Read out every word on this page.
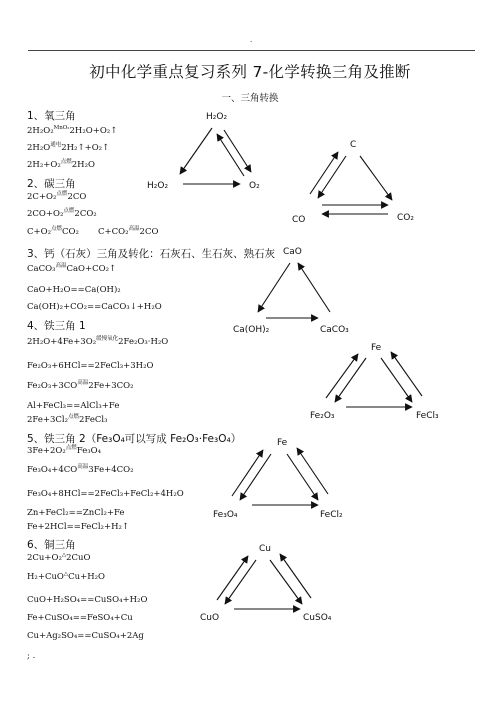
·
初中化学重点复习系列 7-化学转换三角及推断
一、三角转换
1、氧三角
2H₂O₂$^{MnO_2}$2H₂O+O₂↑
$2H_2O^{通电}2H_2↑+O_2↑$
2H₂+O₂$^{点燃}$2H₂O
2、碳三角
2C+O₂$^{点燃}$2CO
2CO+O₂$^{点燃}$2CO₂
C+O₂$^{点燃}$CO₂ C+CO₂$^{高温}$2CO
3、钙（石灰）三角及转化：石灰石、生石灰、熟石灰
CaCO₃$^{高温}$CaO+CO₂↑
CaO+H₂O==Ca(OH)₂
Ca(OH)₂+CO₂==CaCO₃↓+H₂O
4、铁三角 1
2H₂O+4Fe+3O₂$^{缓慢氧化}$2Fe₂O₃·H₂O
Fe₂O₃+6HCl==2FeCl₃+3H₂O
$Fe_2O_3+3CO^{高温}2Fe+3CO_2$
Al+FeCl₃==AlCl₃+Fe
2Fe+3Cl₂$^{点燃}$2FeCl₃
5、铁三角 2（Fe₃O₄可以写成 Fe₂O₃·Fe₃O₄）
3Fe+2O₂$^{点燃}$Fe₃O₄
$Fe_3O_4+4CO^{高温}3Fe+4CO_2$
Fe₃O₄+8HCl==2FeCl₃+FeCl₂+4H₂O
Zn+FeCl₂==ZnCl₂+Fe
Fe+2HCl==FeCl₂+H₂↑
6、铜三角
2Cu+O₂△2CuO
H₂+CuO△Cu+H₂O
CuO+H₂SO₄==CuSO₄+H₂O
Fe+CuSO₄==FeSO₄+Cu
Cu+Ag₂SO₄==CuSO₄+2Ag
; .
H₂O₂
H₂O₂	O₂
C
CO	CO₂
CaO
Ca(OH)₂	CaCO₃
Fe
Fe₂O₃	FeCl₃
Fe
Fe₃O₄	FeCl₂
Cu
CuO	CuSO₄
